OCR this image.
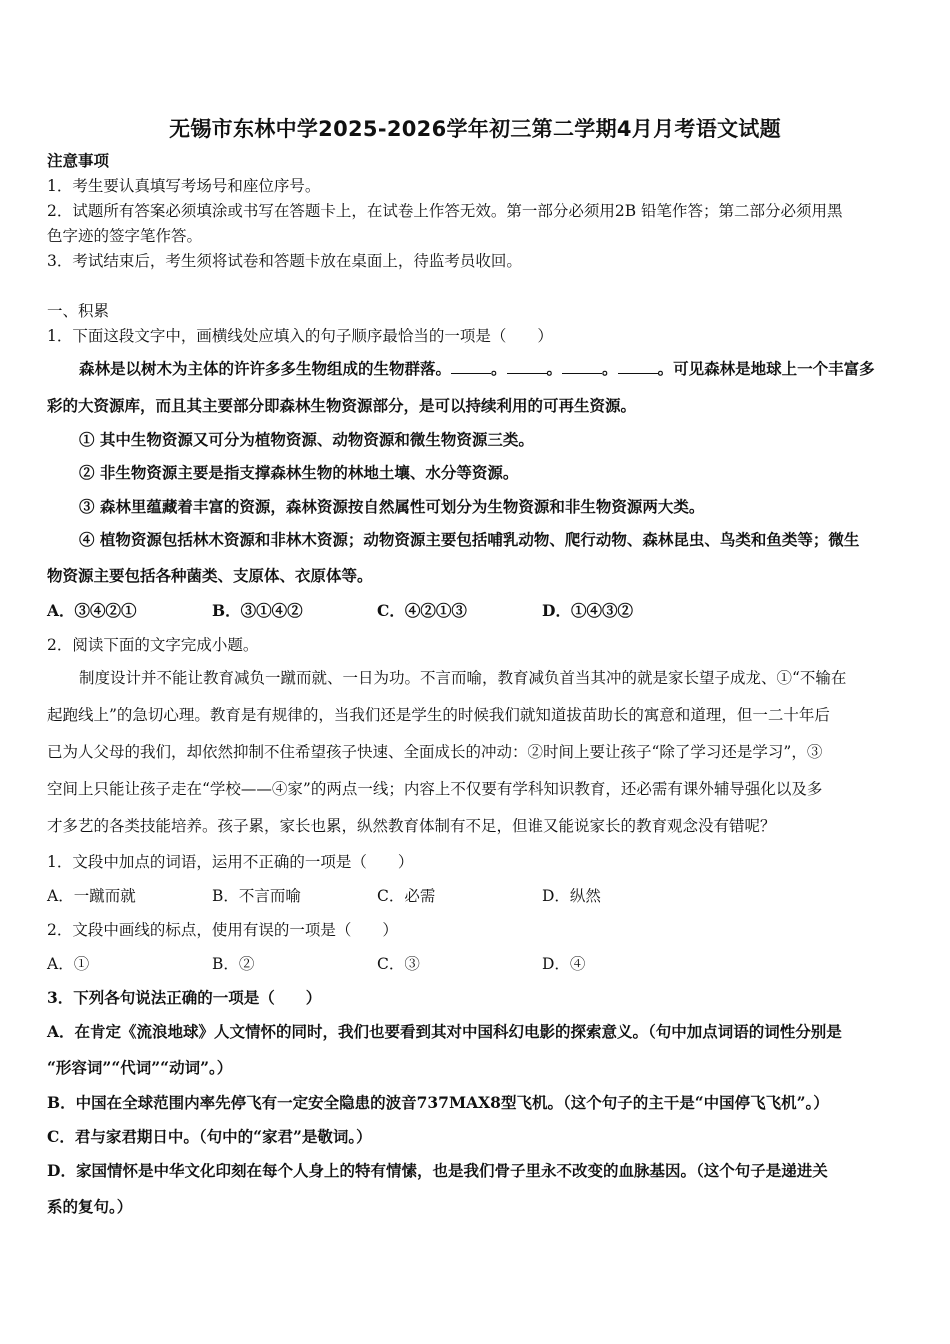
无锡市东林中学2025-2026学年初三第二学期4月月考语文试题
注意事项
1．考生要认真填写考场号和座位序号。
2．试题所有答案必须填涂或书写在答题卡上，在试卷上作答无效。第一部分必须用2B 铅笔作答；第二部分必须用黑
色字迹的签字笔作答。
3．考试结束后，考生须将试卷和答题卡放在桌面上，待监考员收回。
一、积累
1．下面这段文字中，画横线处应填入的句子顺序最恰当的一项是（　　）
森林是以树木为主体的许许多多生物组成的生物群落。	。	。	。	。可见森林是地球上一个丰富多
彩的大资源库，而且其主要部分即森林生物资源部分，是可以持续利用的可再生资源。
① 其中生物资源又可分为植物资源、动物资源和微生物资源三类。
② 非生物资源主要是指支撑森林生物的林地土壤、水分等资源。
③ 森林里蕴藏着丰富的资源，森林资源按自然属性可划分为生物资源和非生物资源两大类。
④ 植物资源包括林木资源和非林木资源；动物资源主要包括哺乳动物、爬行动物、森林昆虫、鸟类和鱼类等；微生
物资源主要包括各种菌类、支原体、衣原体等。
A．③④②①	B．③①④②	C．④②①③	D．①④③②
2．阅读下面的文字完成小题。
制度设计并不能让教育减负一蹴而就、一日为功。不言而喻，教育减负首当其冲的就是家长望子成龙、①“不输在
起跑线上”的急切心理。教育是有规律的，当我们还是学生的时候我们就知道拔苗助长的寓意和道理，但一二十年后
已为人父母的我们，却依然抑制不住希望孩子快速、全面成长的冲动：②时间上要让孩子“除了学习还是学习”，③
空间上只能让孩子走在“学校——④家”的两点一线；内容上不仅要有学科知识教育，还必需有课外辅导强化以及多
才多艺的各类技能培养。孩子累，家长也累，纵然教育体制有不足，但谁又能说家长的教育观念没有错呢？
1．文段中加点的词语，运用不正确的一项是（　　）
A．一蹴而就	B．不言而喻	C．必需	D．纵然
2．文段中画线的标点，使用有误的一项是（　　）
A．①	B．②	C．③	D．④
3．下列各句说法正确的一项是（　　）
A．在肯定《流浪地球》人文情怀的同时，我们也要看到其对中国科幻电影的探索意义。（句中加点词语的词性分别是
“形容词”“代词”“动词”。）
B．中国在全球范围内率先停飞有一定安全隐患的波音737MAX8型飞机。（这个句子的主干是“中国停飞飞机”。）
C．君与家君期日中。（句中的“家君”是敬词。）
D．家国情怀是中华文化印刻在每个人身上的特有情愫，也是我们骨子里永不改变的血脉基因。（这个句子是递进关
系的复句。）
